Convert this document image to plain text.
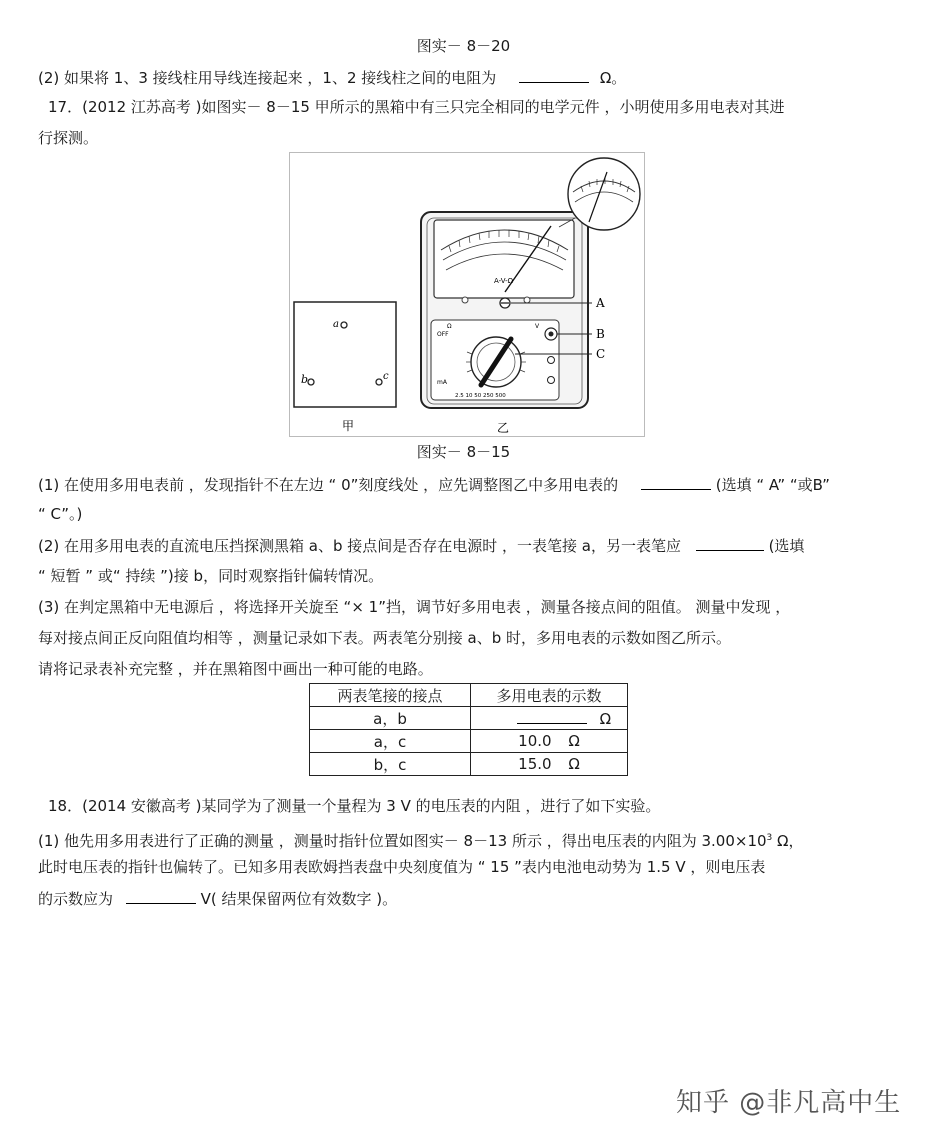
图实－ 8－20
(2) 如果将 1、3 接线柱用导线连接起来 ，1、2 接线柱之间的电阻为	Ω。
17．(2012 江苏高考 )如图实－ 8－15 甲所示的黑箱中有三只完全相同的电学元件 ，小明使用多用电表对其进
行探测。
a
b	c
甲
A-V-Ω
OFF
mA
V
Ω
2.5 10 50 250 500
乙
A
B
C
图实－ 8－15
(1) 在使用多用电表前 ，发现指针不在左边 “ 0”刻度线处 ，应先调整图乙中多用电表的	(选填 “ A” “或B”
“ C”。)
(2) 在用多用电表的直流电压挡探测黑箱 a、b 接点间是否存在电源时 ，一表笔接 a，另一表笔应	(选填
“ 短暂 ” 或“ 持续 ”)接 b，同时观察指针偏转情况。
(3) 在判定黑箱中无电源后 ，将选择开关旋至 “× 1”挡，调节好多用电表 ，测量各接点间的阻值。 测量中发现 ，
每对接点间正反向阻值均相等 ，测量记录如下表。两表笔分别接 a、b 时，多用电表的示数如图乙所示。
请将记录表补充完整 ，并在黑箱图中画出一种可能的电路。
两表笔接的接点	多用电表的示数
a，b	Ω
a，c	10.0 Ω
b，c	15.0 Ω
18．(2014 安徽高考 )某同学为了测量一个量程为 3 V 的电压表的内阻 ，进行了如下实验。
(1) 他先用多用表进行了正确的测量 ，测量时指针位置如图实－ 8－13 所示 ，得出电压表的内阻为 $3.00\times 10^3$ Ω，
此时电压表的指针也偏转了。已知多用表欧姆挡表盘中央刻度值为 “ 15 ”表内电池电动势为 1.5 V ，则电压表
的示数应为	V( 结果保留两位有效数字 )。
知乎 @非凡高中生
